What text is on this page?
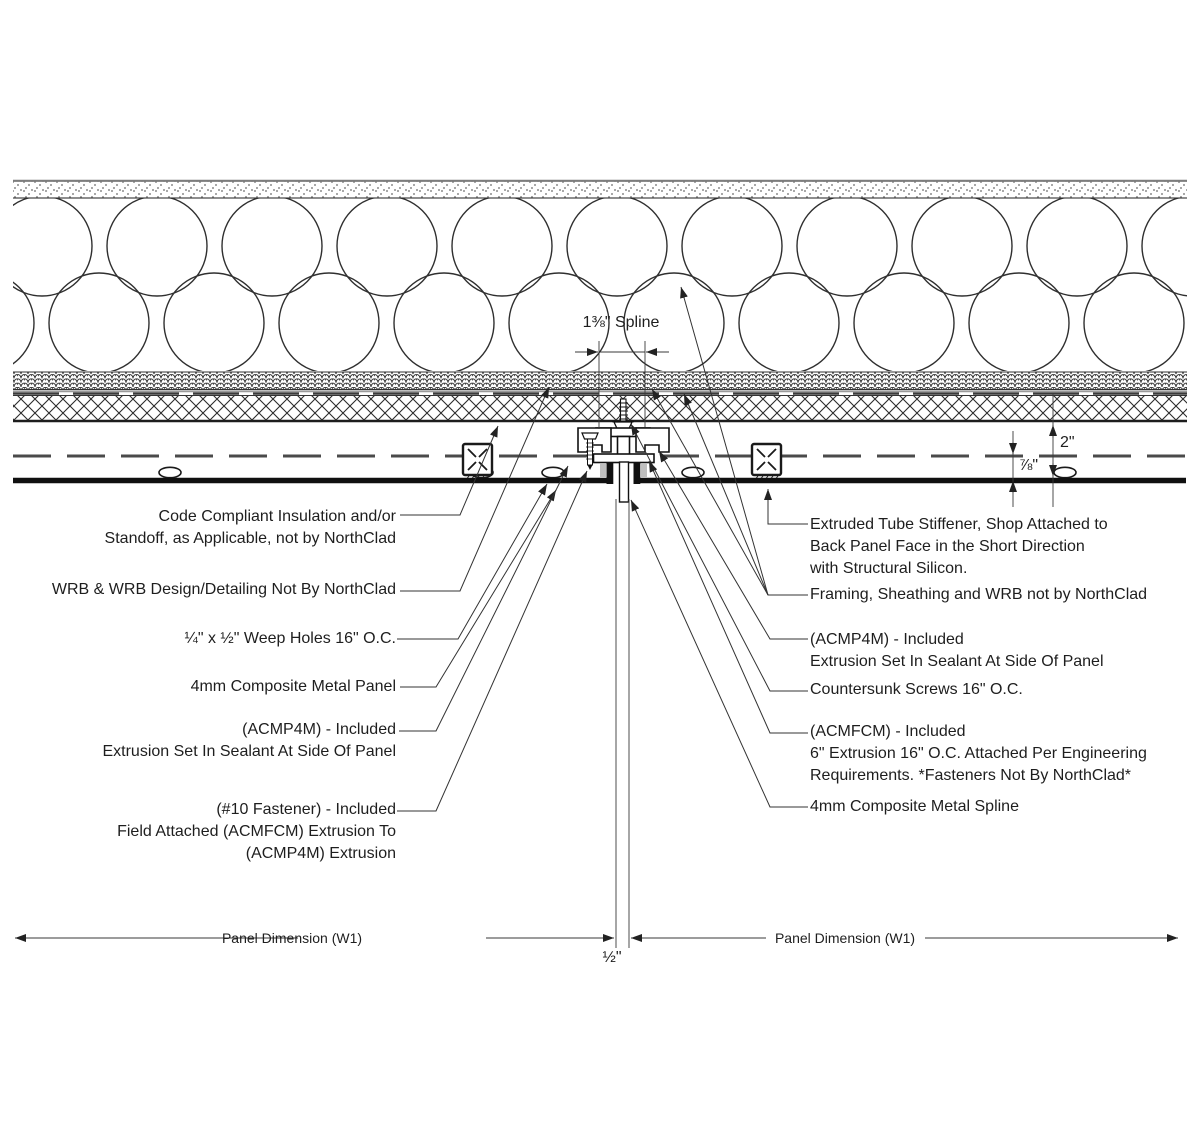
Code Compliant Insulation and/or
Standoff, as Applicable, not by NorthClad
WRB & WRB Design/Detailing Not By NorthClad
¼" x ½" Weep Holes 16" O.C.
4mm Composite Metal Panel
(ACMP4M) - Included
Extrusion Set In Sealant At Side Of Panel
(#10 Fastener) - Included
Field Attached (ACMFCM) Extrusion To
(ACMP4M) Extrusion
Extruded Tube Stiffener, Shop Attached to
Back Panel Face in the Short Direction
with Structural Silicon.
Framing, Sheathing and WRB not by NorthClad
(ACMP4M) - Included
Extrusion Set In Sealant At Side Of Panel
Countersunk Screws 16" O.C.
(ACMFCM) - Included
6" Extrusion 16" O.C. Attached Per Engineering
Requirements. *Fasteners Not By NorthClad*
4mm Composite Metal Spline
1⅜" Spline
Panel Dimension (W1)	Panel Dimension (W1)
½"
2"
⅞"
